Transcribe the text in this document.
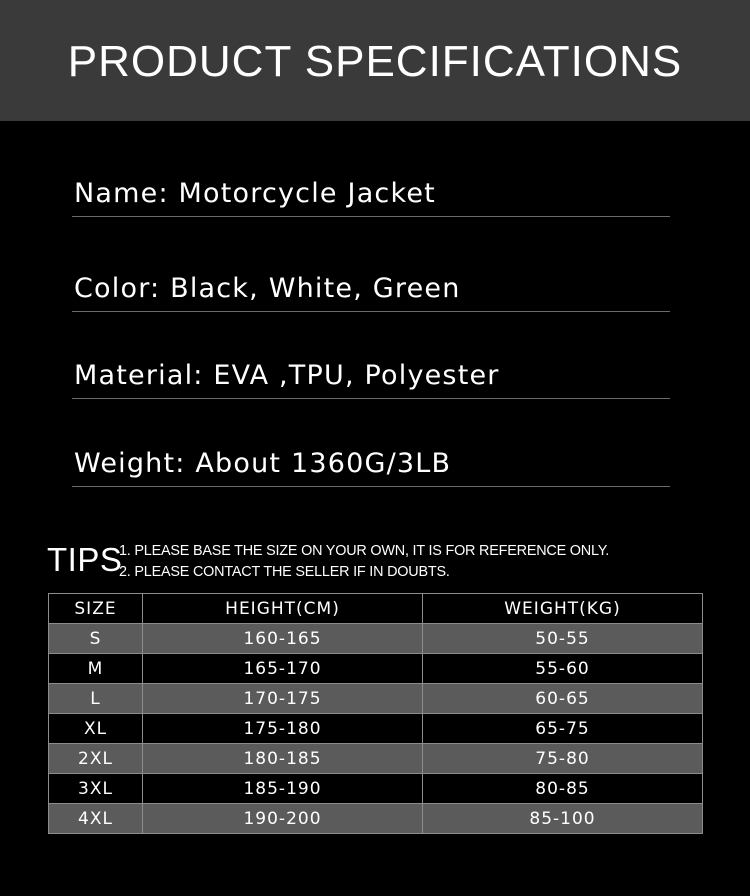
PRODUCT SPECIFICATIONS
Name: Motorcycle Jacket
Color: Black, White, Green
Material: EVA ,TPU, Polyester
Weight: About 1360G/3LB
TIPS
1. PLEASE BASE THE SIZE ON YOUR OWN, IT IS FOR REFERENCE ONLY.
2. PLEASE CONTACT THE SELLER IF IN DOUBTS.
SIZE	HEIGHT(CM)	WEIGHT(KG)
S	160-165	50-55
M	165-170	55-60
L	170-175	60-65
XL	175-180	65-75
2XL	180-185	75-80
3XL	185-190	80-85
4XL	190-200	85-100
